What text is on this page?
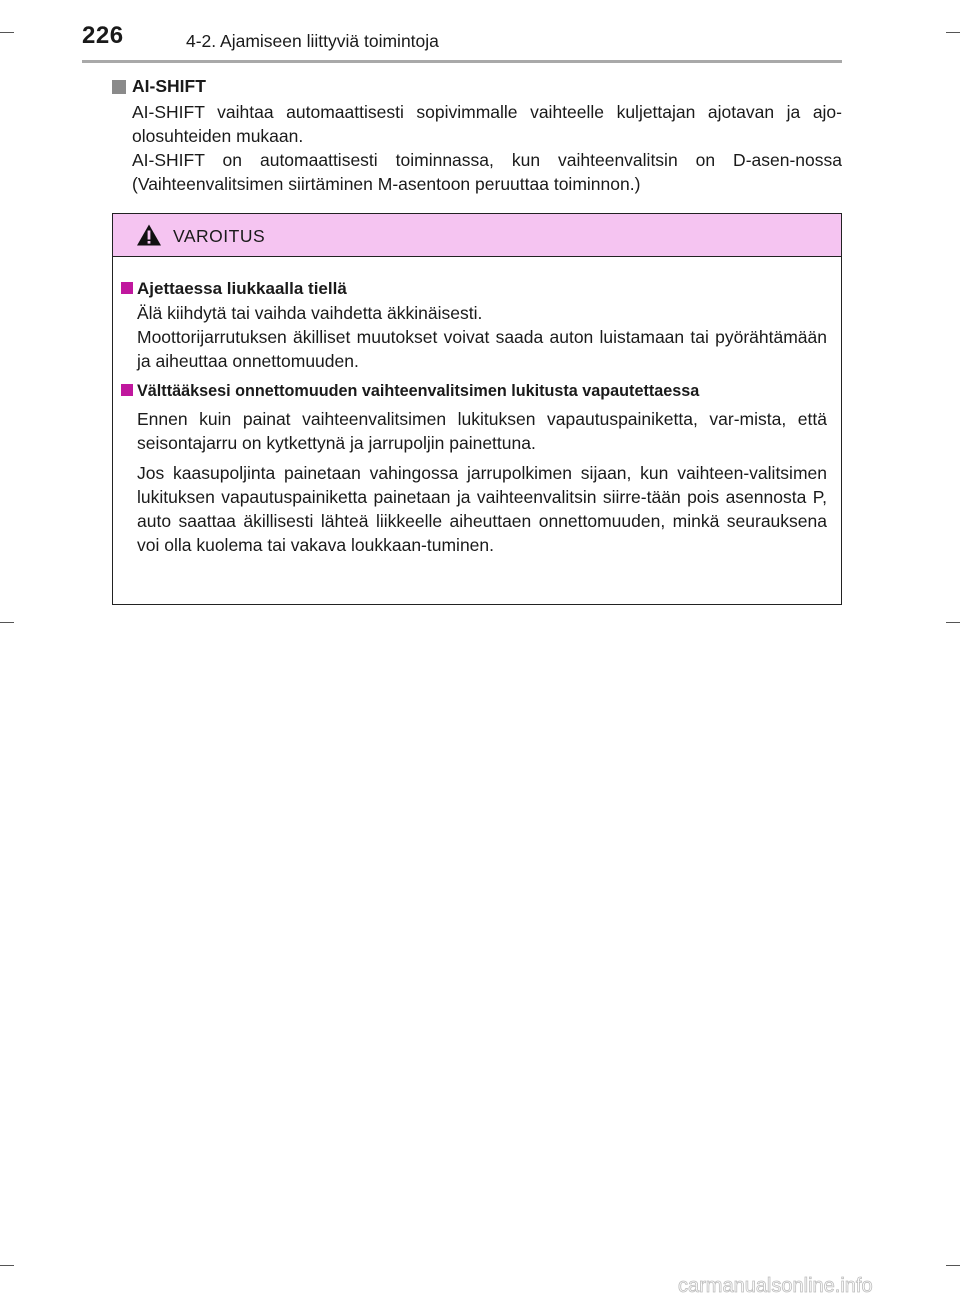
226	4-2. Ajamiseen liittyviä toimintoja
AI-SHIFT

AI-SHIFT vaihtaa automaattisesti sopivimmalle vaihteelle kuljettajan ajotavan ja ajo-olosuhteiden mukaan.

AI-SHIFT on automaattisesti toiminnassa, kun vaihteenvalitsin on D-asen-nossa (Vaihteenvalitsimen siirtäminen M-asentoon peruuttaa toiminnon.)

VAROITUS
Ajettaessa liukkaalla tiellä

Älä kiihdytä tai vaihda vaihdetta äkkinäisesti.

Moottorijarrutuksen äkilliset muutokset voivat saada auton luistamaan tai pyörähtämään ja aiheuttaa onnettomuuden.

Välttääksesi onnettomuuden vaihteenvalitsimen lukitusta vapautettaessa

Ennen kuin painat vaihteenvalitsimen lukituksen vapautuspainiketta, var-mista, että seisontajarru on kytkettynä ja jarrupoljin painettuna.

Jos kaasupoljinta painetaan vahingossa jarrupolkimen sijaan, kun vaihteen-valitsimen lukituksen vapautuspainiketta painetaan ja vaihteenvalitsin siirre-tään pois asennosta P, auto saattaa äkillisesti lähteä liikkeelle aiheuttaen onnettomuuden, minkä seurauksena voi olla kuolema tai vakava loukkaan-tuminen.

carmanualsonline.info
